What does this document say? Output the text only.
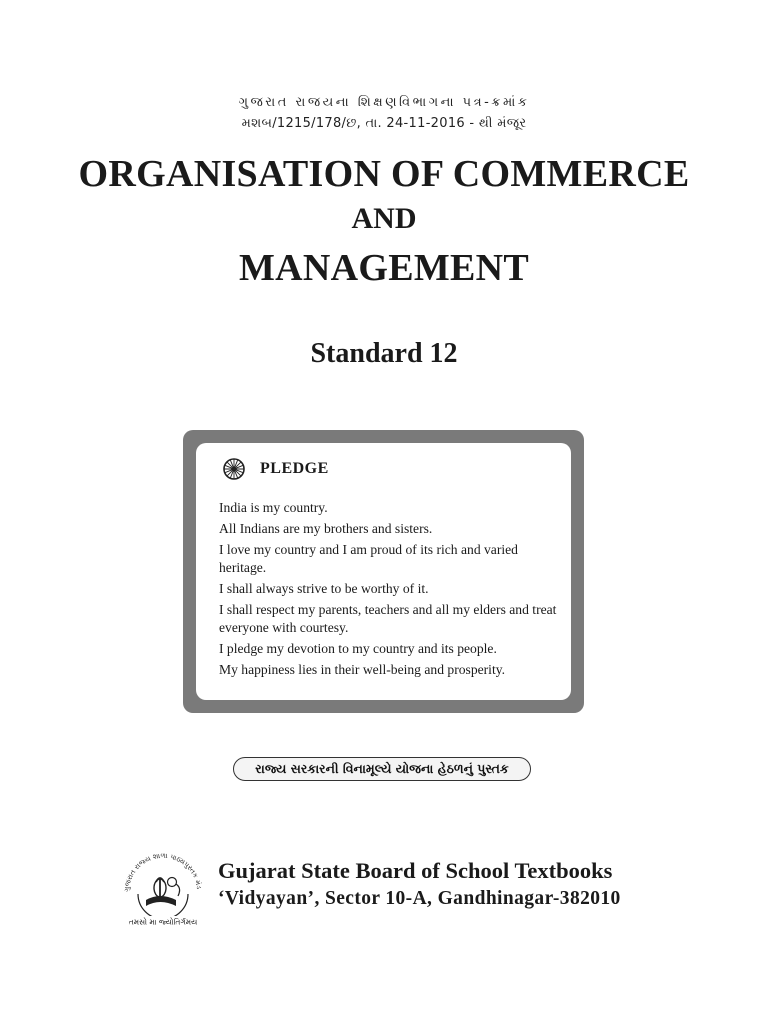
ગુજરાત રાજયના શિક્ષણવિભાગના પત્ર-ક્રમાંક
મશબ/1215/178/છ, તા. 24-11-2016 - થી મંજૂર
ORGANISATION OF COMMERCE
AND
MANAGEMENT
Standard 12
PLEDGE
India is my country.
All Indians are my brothers and sisters.
I love my country and I am proud of its rich and varied heritage.
I shall always strive to be worthy of it.
I shall respect my parents, teachers and all my elders and treat everyone with courtesy.
I pledge my devotion to my country and its people.
My happiness lies in their well-being and prosperity.
રાજ્ય સરકારની વિનામૂલ્યે યોજના હેઠળનું પુસ્તક
ગુજરાત રાજ્ય શાળા પાઠ્યપુસ્તક મંડ
તમસો મા જ્યોતિર્ગમય
Gujarat State Board of School Textbooks
‘Vidyayan’, Sector 10-A, Gandhinagar-382010
